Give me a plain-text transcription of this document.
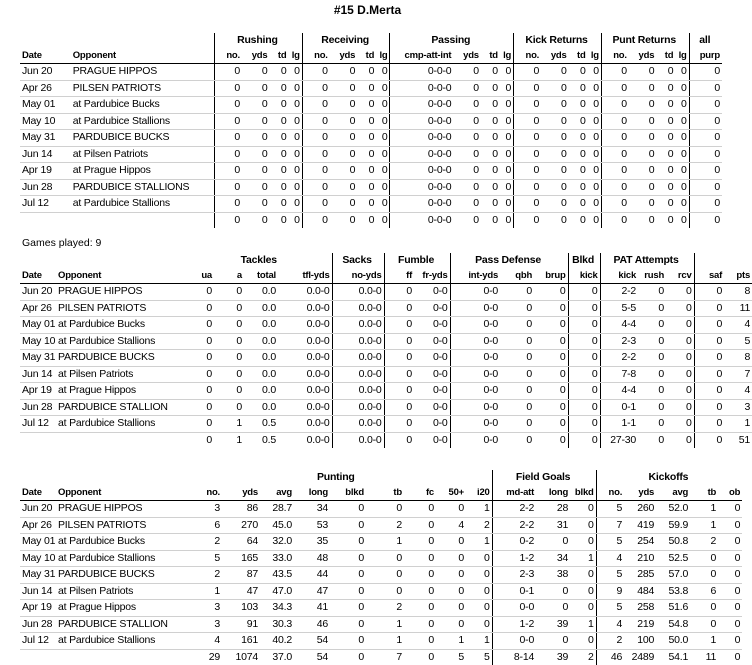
#15 D.Merta
		Rushing				Receiving				Passing				Kick Returns				Punt Returns				all
Date	Opponent	no.	yds	td	lg	no.	yds	td	lg	cmp-att-int	yds	td	lg	no.	yds	td	lg	no.	yds	td	lg	purp
Jun 20	PRAGUE HIPPOS	0	0	0	0	0	0	0	0	0-0-0	0	0	0	0	0	0	0	0	0	0	0	0
Apr 26	PILSEN PATRIOTS	0	0	0	0	0	0	0	0	0-0-0	0	0	0	0	0	0	0	0	0	0	0	0
May 01	at Pardubice Bucks	0	0	0	0	0	0	0	0	0-0-0	0	0	0	0	0	0	0	0	0	0	0	0
May 10	at Pardubice Stallions	0	0	0	0	0	0	0	0	0-0-0	0	0	0	0	0	0	0	0	0	0	0	0
May 31	PARDUBICE BUCKS	0	0	0	0	0	0	0	0	0-0-0	0	0	0	0	0	0	0	0	0	0	0	0
Jun 14	at Pilsen Patriots	0	0	0	0	0	0	0	0	0-0-0	0	0	0	0	0	0	0	0	0	0	0	0
Apr 19	at Prague Hippos	0	0	0	0	0	0	0	0	0-0-0	0	0	0	0	0	0	0	0	0	0	0	0
Jun 28	PARDUBICE STALLIONS	0	0	0	0	0	0	0	0	0-0-0	0	0	0	0	0	0	0	0	0	0	0	0
Jul 12	at Pardubice Stallions	0	0	0	0	0	0	0	0	0-0-0	0	0	0	0	0	0	0	0	0	0	0	0
		0	0	0	0	0	0	0	0	0-0-0	0	0	0	0	0	0	0	0	0	0	0	0
Games played: 9
		Tackles				Sacks	Fumble		Pass Defense			Blkd	PAT Attempts				
Date	Opponent	ua	a	total	tfl-yds	no-yds	ff	fr-yds	int-yds	qbh	brup	kick	kick	rush	rcv	saf	pts
Jun 20	PRAGUE HIPPOS	0	0	0.0	0.0-0	0.0-0	0	0-0	0-0	0	0	0	2-2	0	0	0	8
Apr 26	PILSEN PATRIOTS	0	0	0.0	0.0-0	0.0-0	0	0-0	0-0	0	0	0	5-5	0	0	0	11
May 01	at Pardubice Bucks	0	0	0.0	0.0-0	0.0-0	0	0-0	0-0	0	0	0	4-4	0	0	0	4
May 10	at Pardubice Stallions	0	0	0.0	0.0-0	0.0-0	0	0-0	0-0	0	0	0	2-3	0	0	0	5
May 31	PARDUBICE BUCKS	0	0	0.0	0.0-0	0.0-0	0	0-0	0-0	0	0	0	2-2	0	0	0	8
Jun 14	at Pilsen Patriots	0	0	0.0	0.0-0	0.0-0	0	0-0	0-0	0	0	0	7-8	0	0	0	7
Apr 19	at Prague Hippos	0	0	0.0	0.0-0	0.0-0	0	0-0	0-0	0	0	0	4-4	0	0	0	4
Jun 28	PARDUBICE STALLION	0	0	0.0	0.0-0	0.0-0	0	0-0	0-0	0	0	0	0-1	0	0	0	3
Jul 12	at Pardubice Stallions	0	1	0.5	0.0-0	0.0-0	0	0-0	0-0	0	0	0	1-1	0	0	0	1
		0	1	0.5	0.0-0	0.0-0	0	0-0	0-0	0	0	0	27-30	0	0	0	51
		Punting									Field Goals			Kickoffs				
Date	Opponent	no.	yds	avg	long	blkd	tb	fc	50+	i20	md-att	long	blkd	no.	yds	avg	tb	ob
Jun 20	PRAGUE HIPPOS	3	86	28.7	34	0	0	0	0	1	2-2	28	0	5	260	52.0	1	0
Apr 26	PILSEN PATRIOTS	6	270	45.0	53	0	2	0	4	2	2-2	31	0	7	419	59.9	1	0
May 01	at Pardubice Bucks	2	64	32.0	35	0	1	0	0	1	0-2	0	0	5	254	50.8	2	0
May 10	at Pardubice Stallions	5	165	33.0	48	0	0	0	0	0	1-2	34	1	4	210	52.5	0	0
May 31	PARDUBICE BUCKS	2	87	43.5	44	0	0	0	0	0	2-3	38	0	5	285	57.0	0	0
Jun 14	at Pilsen Patriots	1	47	47.0	47	0	0	0	0	0	0-1	0	0	9	484	53.8	6	0
Apr 19	at Prague Hippos	3	103	34.3	41	0	2	0	0	0	0-0	0	0	5	258	51.6	0	0
Jun 28	PARDUBICE STALLION	3	91	30.3	46	0	1	0	0	0	1-2	39	1	4	219	54.8	0	0
Jul 12	at Pardubice Stallions	4	161	40.2	54	0	1	0	1	1	0-0	0	0	2	100	50.0	1	0
		29	1074	37.0	54	0	7	0	5	5	8-14	39	2	46	2489	54.1	11	0
